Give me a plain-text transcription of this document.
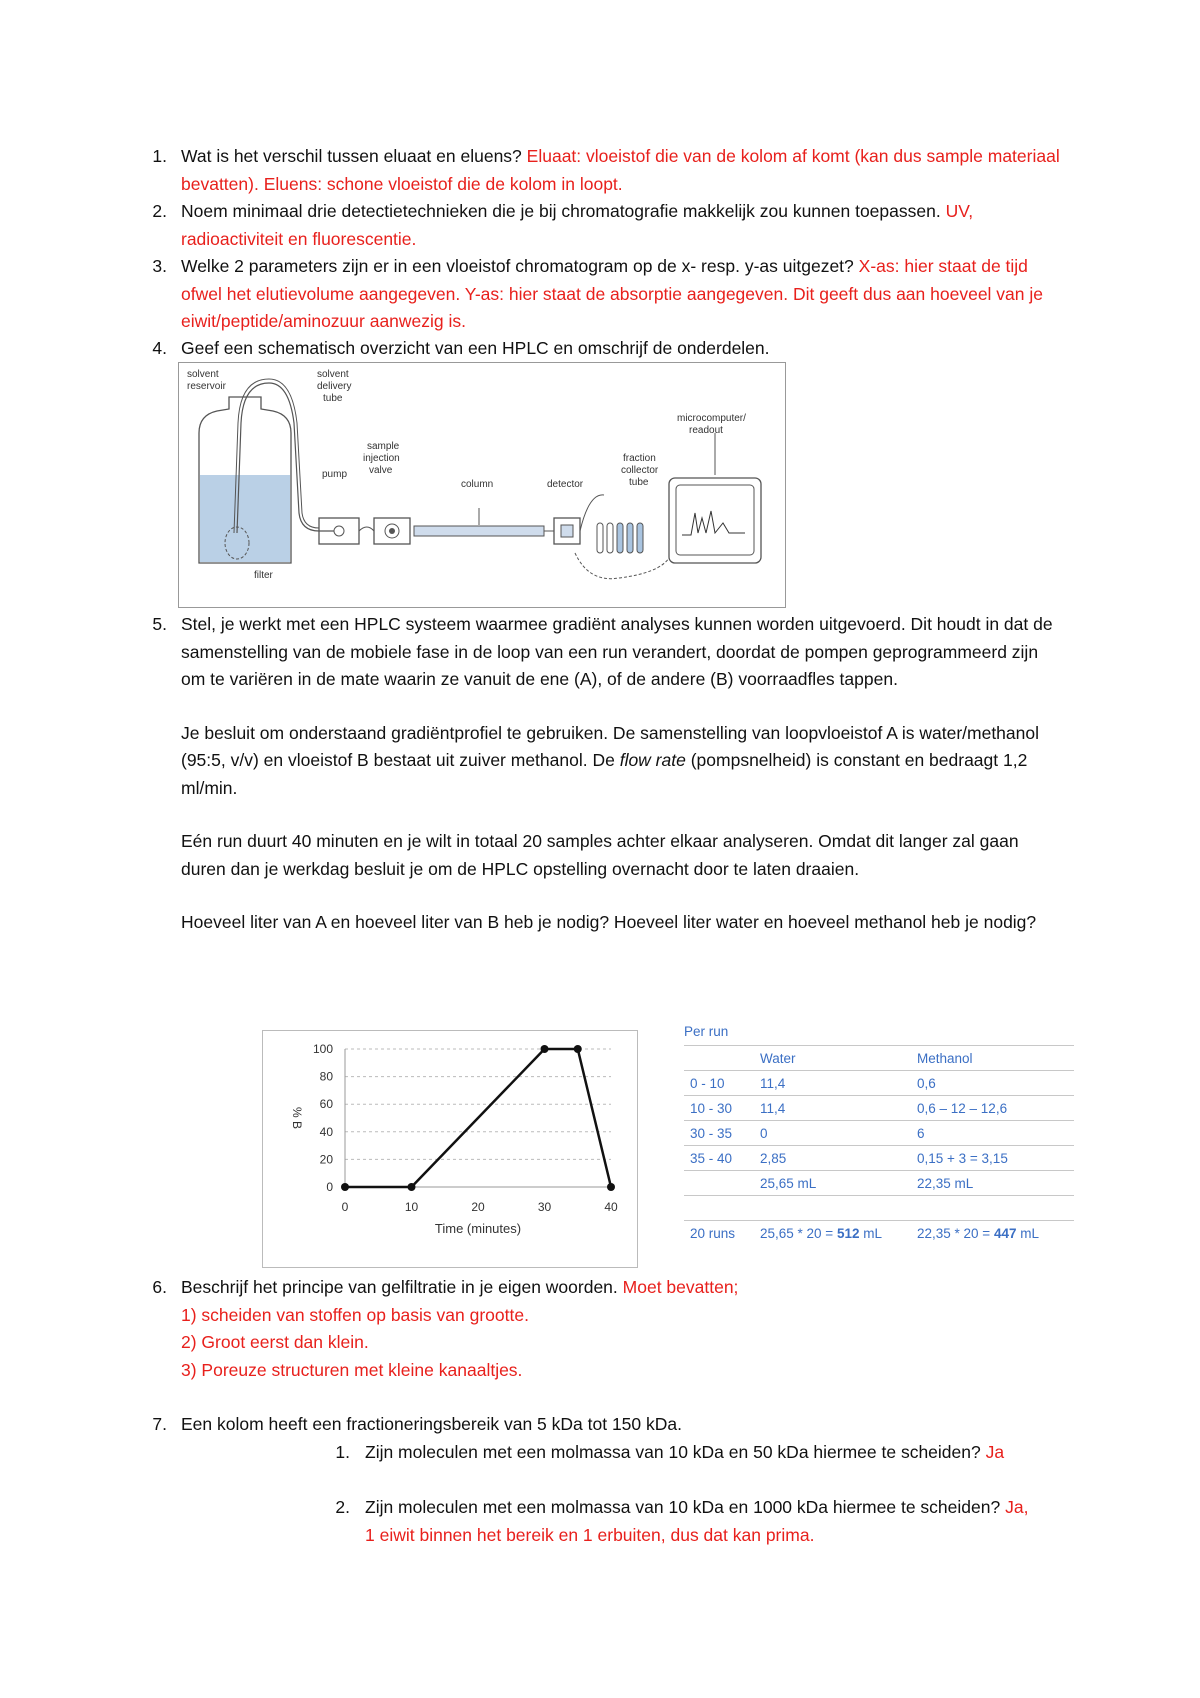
1. Wat is het verschil tussen eluaat en eluens? Eluaat: vloeistof die van de kolom af komt (kan dus sample materiaal bevatten). Eluens: schone vloeistof die de kolom in loopt.
2. Noem minimaal drie detectietechnieken die je bij chromatografie makkelijk zou kunnen toepassen. UV, radioactiviteit en fluorescentie.
3. Welke 2 parameters zijn er in een vloeistof chromatogram op de x- resp. y-as uitgezet? X-as: hier staat de tijd ofwel het elutievolume aangegeven. Y-as: hier staat de absorptie aangegeven. Dit geeft dus aan hoeveel van je eiwit/peptide/aminozuur aanwezig is.
4. Geef een schematisch overzicht van een HPLC en omschrijf de onderdelen.
solvent
reservoir
solvent
delivery
tube
pump
sample
injection
valve
column	detector
fraction
collector
tube
microcomputer/
readout
filter
5. Stel, je werkt met een HPLC systeem waarmee gradiënt analyses kunnen worden uitgevoerd. Dit houdt in dat de samenstelling van de mobiele fase in de loop van een run verandert, doordat de pompen geprogrammeerd zijn om te variëren in de mate waarin ze vanuit de ene (A), of de andere (B) voorraadfles tappen.
Je besluit om onderstaand gradiëntprofiel te gebruiken. De samenstelling van loopvloeistof A is water/methanol (95:5, v/v) en vloeistof B bestaat uit zuiver methanol. De flow rate (pompsnelheid) is constant en bedraagt 1,2 ml/min.
Eén run duurt 40 minuten en je wilt in totaal 20 samples achter elkaar analyseren. Omdat dit langer zal gaan duren dan je werkdag besluit je om de HPLC opstelling overnacht door te laten draaien.
Hoeveel liter van A en hoeveel liter van B heb je nodig? Hoeveel liter water en hoeveel methanol heb je nodig?
0
20
40
60
80
100
0	10	20	30	40
Time (minutes)
% B
Per run
	Water	Methanol
0 - 10	11,4	0,6
10 - 30	11,4	0,6 – 12 – 12,6
30 - 35	0	6
35 - 40	2,85	0,15 + 3 = 3,15
	25,65 mL	22,35 mL

20 runs	25,65 * 20 = 512 mL	22,35 * 20 = 447 mL
6. Beschrijf het principe van gelfiltratie in je eigen woorden. Moet bevatten;
1) scheiden van stoffen op basis van grootte.
2) Groot eerst dan klein.
3) Poreuze structuren met kleine kanaaltjes.
7. Een kolom heeft een fractioneringsbereik van 5 kDa tot 150 kDa.
1. Zijn moleculen met een molmassa van 10 kDa en 50 kDa hiermee te scheiden? Ja
2. Zijn moleculen met een molmassa van 10 kDa en 1000 kDa hiermee te scheiden? Ja, 1 eiwit binnen het bereik en 1 erbuiten, dus dat kan prima.
